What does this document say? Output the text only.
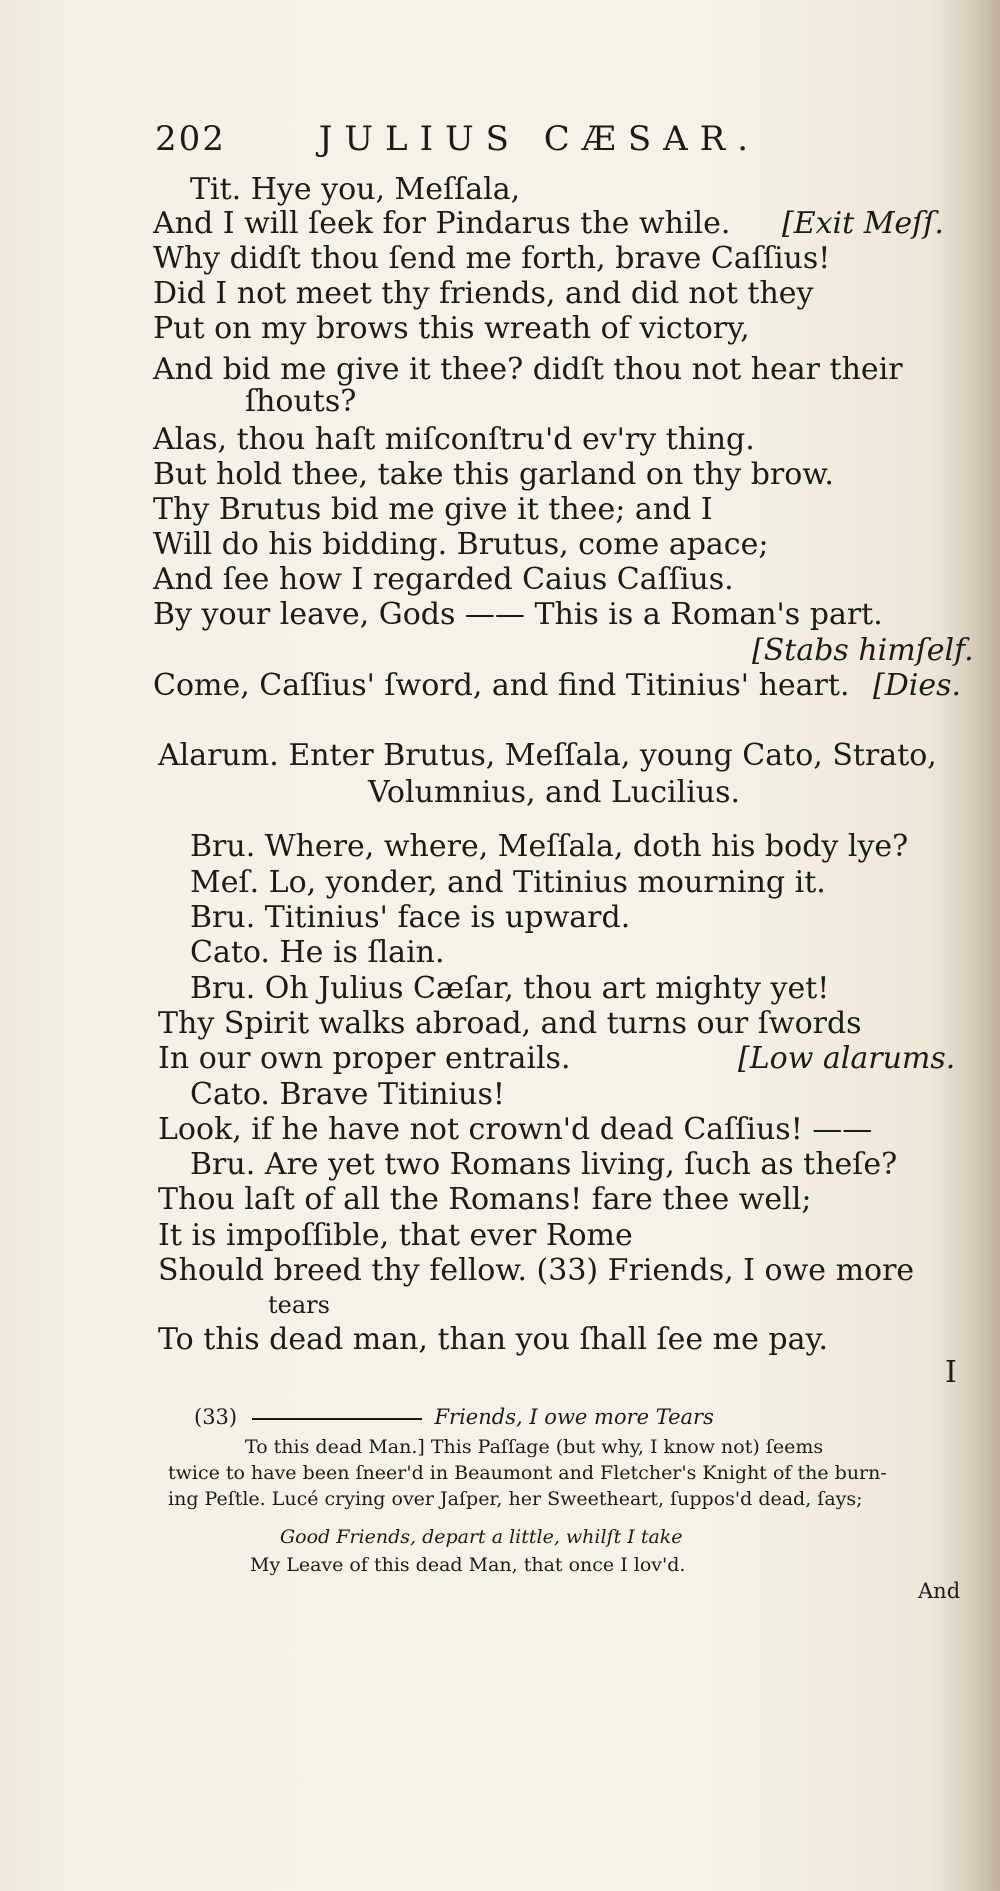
202	JULIUS CÆSAR.
Tit. Hye you, Meſſala,
And I will ſeek for Pindarus the while. [Exit Meſſ.
Why didſt thou ſend me forth, brave Caſſius!
Did I not meet thy friends, and did not they
Put on my brows this wreath of victory,
And bid me give it thee? didſt thou not hear their
ſhouts?
Alas, thou haſt miſconſtru'd ev'ry thing.
But hold thee, take this garland on thy brow.
Thy Brutus bid me give it thee; and I
Will do his bidding. Brutus, come apace;
And ſee how I regarded Caius Caſſius.
By your leave, Gods —— This is a Roman's part.
[Stabs himſelf.
Come, Caſſius' ſword, and find Titinius' heart. [Dies.
Alarum. Enter Brutus, Meſſala, young Cato, Strato,
Volumnius, and Lucilius.
Bru. Where, where, Meſſala, doth his body lye?
Meſ. Lo, yonder, and Titinius mourning it.
Bru. Titinius' face is upward.
Cato. He is ſlain.
Bru. Oh Julius Cæſar, thou art mighty yet!
Thy Spirit walks abroad, and turns our ſwords
In our own proper entrails.	[Low alarums.
Cato. Brave Titinius!
Look, if he have not crown'd dead Caſſius! ——
Bru. Are yet two Romans living, ſuch as theſe?
Thou laſt of all the Romans! fare thee well;
It is impoſſible, that ever Rome
Should breed thy fellow. (33) Friends, I owe more
tears
To this dead man, than you ſhall ſee me pay.
I
(33)	Friends, I owe more Tears
To this dead Man.] This Paſſage (but why, I know not) ſeems
twice to have been ſneer'd in Beaumont and Fletcher's Knight of the burn-
ing Peſtle. Lucé crying over Jaſper, her Sweetheart, ſuppos'd dead, ſays;
Good Friends, depart a little, whilſt I take
My Leave of this dead Man, that once I lov'd.
And
